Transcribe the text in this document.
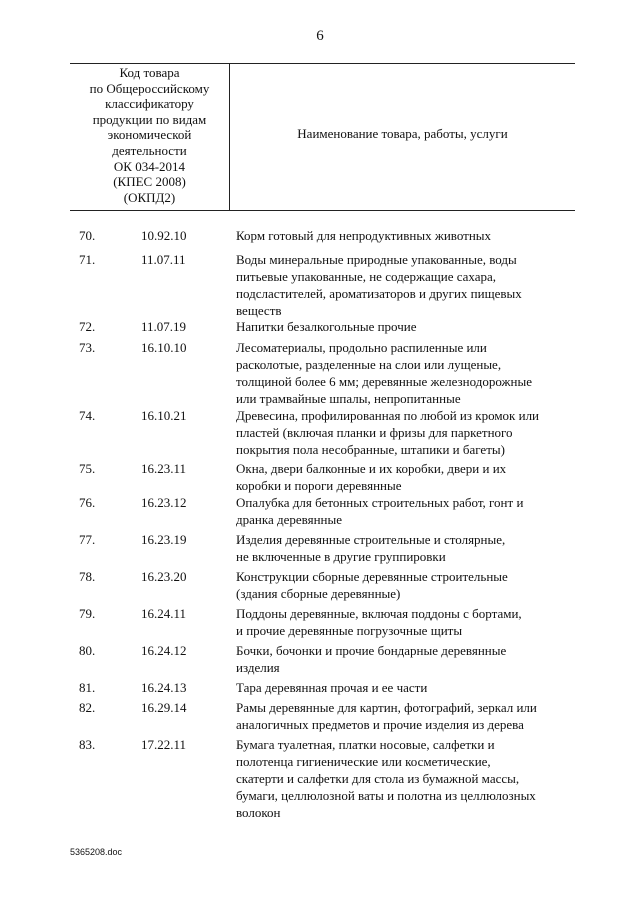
6
Код товара
по Общероссийскому
классификатору
продукции по видам
экономической
деятельности
ОК 034-2014
(КПЕС 2008)
(ОКПД2)
Наименование товара, работы, услуги
70.	10.92.10	Корм готовый для непродуктивных животных
71.	11.07.11	Воды минеральные природные упакованные, воды
питьевые упакованные, не содержащие сахара,
подсластителей, ароматизаторов и других пищевых
веществ
72.	11.07.19	Напитки безалкогольные прочие
73.	16.10.10	Лесоматериалы, продольно распиленные или
расколотые, разделенные на слои или лущеные,
толщиной более 6 мм; деревянные железнодорожные
или трамвайные шпалы, непропитанные
74.	16.10.21	Древесина, профилированная по любой из кромок или
пластей (включая планки и фризы для паркетного
покрытия пола несобранные, штапики и багеты)
75.	16.23.11	Окна, двери балконные и их коробки, двери и их
коробки и пороги деревянные
76.	16.23.12	Опалубка для бетонных строительных работ, гонт и
дранка деревянные
77.	16.23.19	Изделия деревянные строительные и столярные,
не включенные в другие группировки
78.	16.23.20	Конструкции сборные деревянные строительные
(здания сборные деревянные)
79.	16.24.11	Поддоны деревянные, включая поддоны с бортами,
и прочие деревянные погрузочные щиты
80.	16.24.12	Бочки, бочонки и прочие бондарные деревянные
изделия
81.	16.24.13	Тара деревянная прочая и ее части
82.	16.29.14	Рамы деревянные для картин, фотографий, зеркал или
аналогичных предметов и прочие изделия из дерева
83.	17.22.11	Бумага туалетная, платки носовые, салфетки и
полотенца гигиенические или косметические,
скатерти и салфетки для стола из бумажной массы,
бумаги, целлюлозной ваты и полотна из целлюлозных
волокон
5365208.doc
